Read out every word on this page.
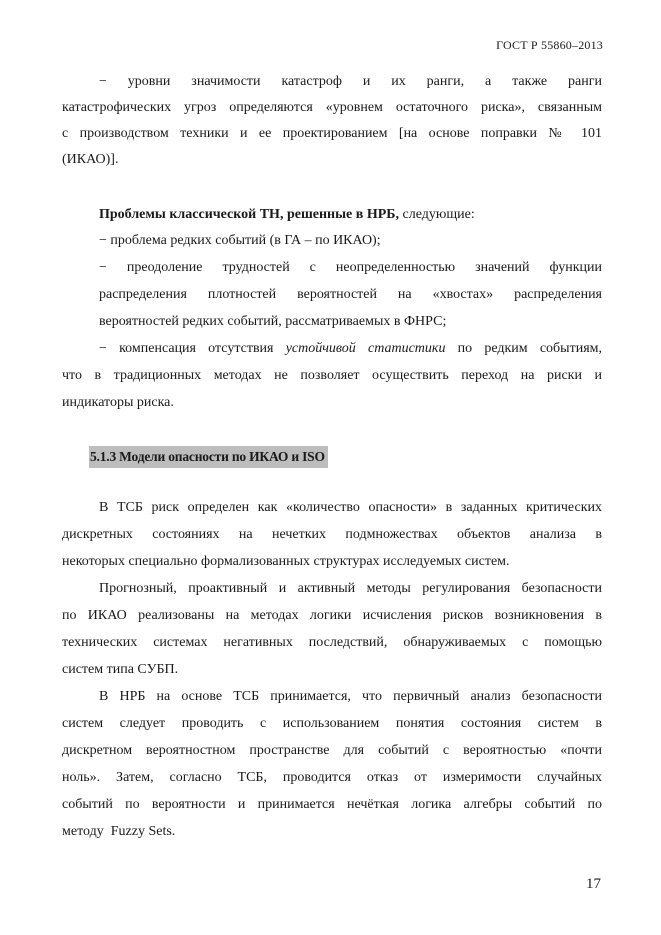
ГОСТ Р 55860–2013
− уровни значимости катастроф и их ранги, а также ранги
катастрофических угроз определяются «уровнем остаточного риска», связанным
с производством техники и ее проектированием [на основе поправки № 101
(ИКАО)].
Проблемы классической ТН, решенные в НРБ, следующие:
− проблема редких событий (в ГА – по ИКАО);
− преодоление трудностей с неопределенностью значений функции
распределения плотностей вероятностей на «хвостах» распределения
вероятностей редких событий, рассматриваемых в ФНРС;
− компенсация отсутствия устойчивой статистики по редким событиям,
что в традиционных методах не позволяет осуществить переход на риски и
индикаторы риска.
В ТСБ риск определен как «количество опасности» в заданных критических
дискретных состояниях на нечетких подмножествах объектов анализа в
некоторых специально формализованных структурах исследуемых систем.
Прогнозный, проактивный и активный методы регулирования безопасности
по ИКАО реализованы на методах логики исчисления рисков возникновения в
технических системах негативных последствий, обнаруживаемых с помощью
систем типа СУБП.
В НРБ на основе ТСБ принимается, что первичный анализ безопасности
систем следует проводить с использованием понятия состояния систем в
дискретном вероятностном пространстве для событий с вероятностью «почти
ноль». Затем, согласно ТСБ, проводится отказ от измеримости случайных
событий по вероятности и принимается нечёткая логика алгебры событий по
методу  Fuzzy Sets.
5.1.3 Модели опасности по ИКАО и ISO
17
